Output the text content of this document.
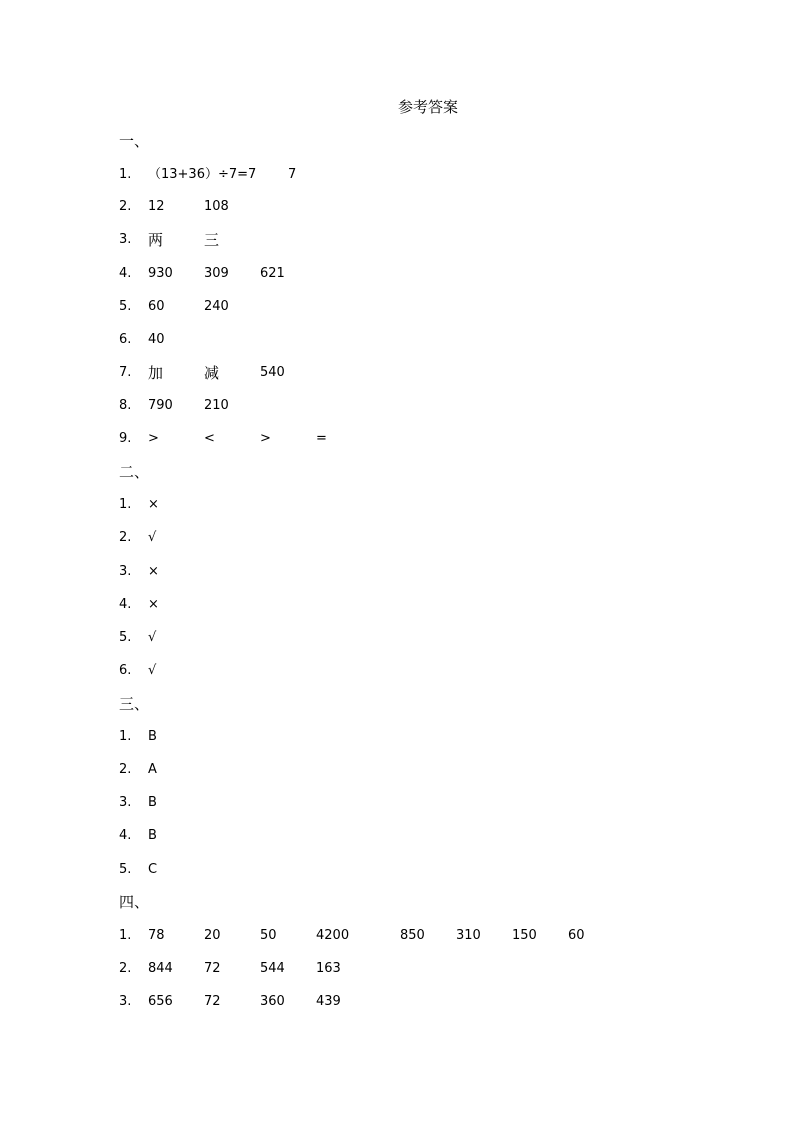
参考答案
一、
1. （13+36）÷7=7 7
2. 12	108
3. 两	三
4. 930 309 621
5. 60	240
6. 40
7. 加	减	540
8. 790 210
9. >	<	>	=
二、
1. ×
2. √
3. ×
4. ×
5. √
6. √
三、
1. B
2. A
3. B
4. B
5. C
四、
1. 78	20	50	4200	850 310 150 60
2. 844 72	544 163
3. 656 72	360 439
